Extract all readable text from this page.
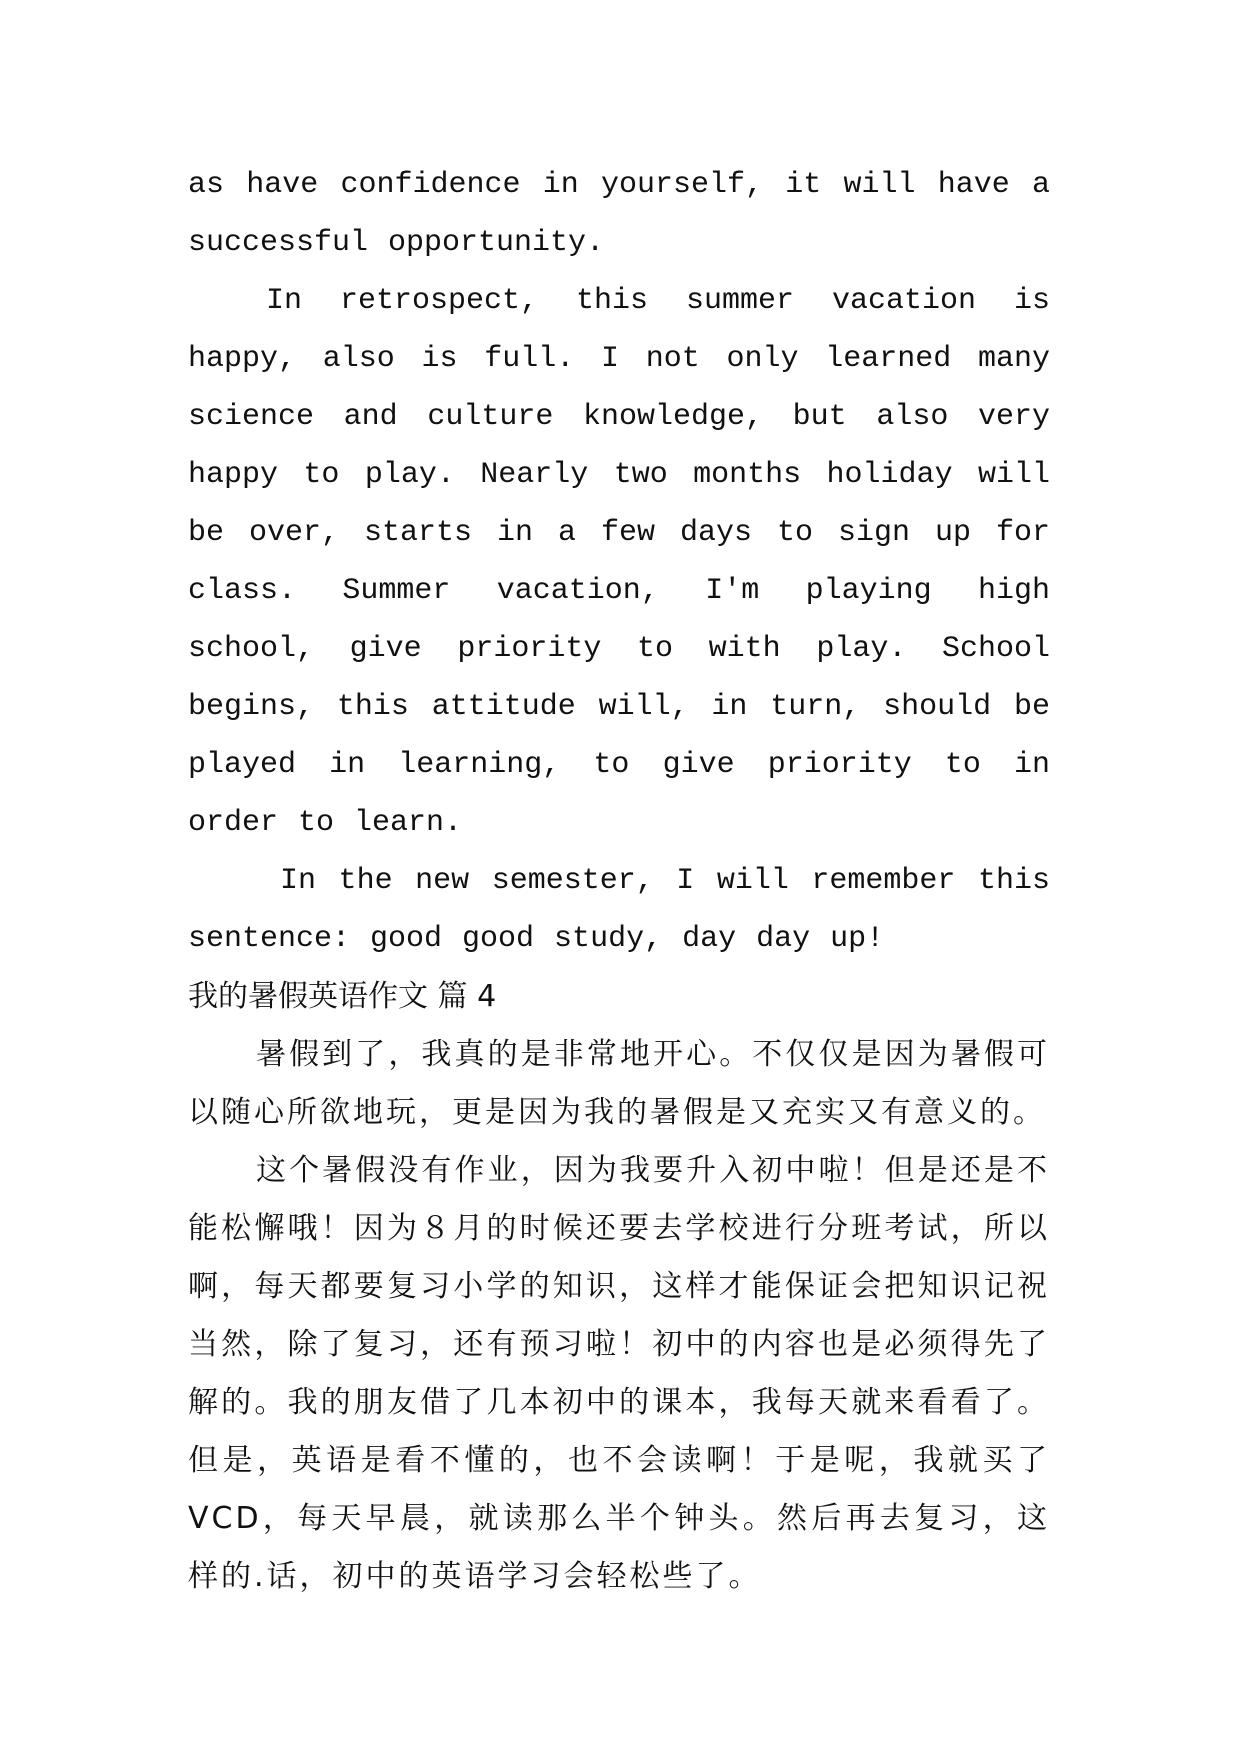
as have confidence in yourself, it will have a successful opportunity.

In retrospect, this summer vacation is happy, also is full. I not only learned many science and culture knowledge, but also very happy to play. Nearly two months holiday will be over, starts in a few days to sign up for class. Summer vacation, I'm playing high school, give priority to with play. School begins, this attitude will, in turn, should be played in learning, to give priority to in order to learn.

In the new semester, I will remember this sentence: good good study, day day up!

我的暑假英语作文 篇 4

暑假到了，我真的是非常地开心。不仅仅是因为暑假可以随心所欲地玩，更是因为我的暑假是又充实又有意义的。

这个暑假没有作业，因为我要升入初中啦！但是还是不能松懈哦！因为８月的时候还要去学校进行分班考试，所以啊，每天都要复习小学的知识，这样才能保证会把知识记祝当然，除了复习，还有预习啦！初中的内容也是必须得先了解的。我的朋友借了几本初中的课本，我每天就来看看了。但是，英语是看不懂的，也不会读啊！于是呢，我就买了VCD，每天早晨，就读那么半个钟头。然后再去复习，这样的.话，初中的英语学习会轻松些了。
